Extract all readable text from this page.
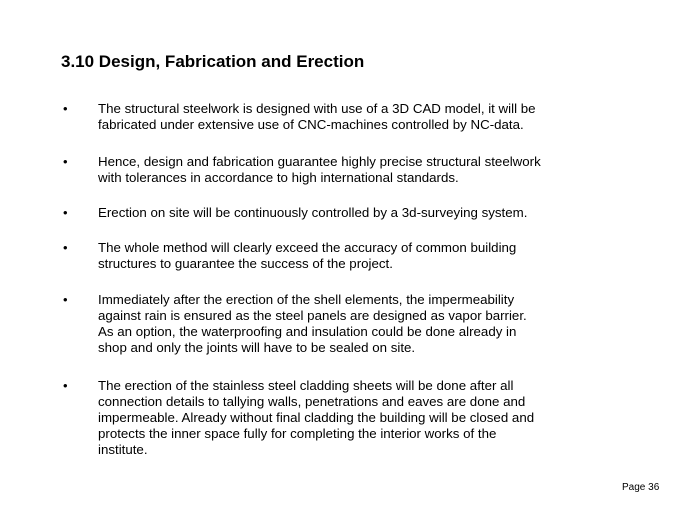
3.10 Design, Fabrication and Erection
• The structural steelwork is designed with use of a 3D CAD model, it will be
fabricated under extensive use of CNC-machines controlled by NC-data.
• Hence, design and fabrication guarantee highly precise structural steelwork
with tolerances in accordance to high international standards.
• Erection on site will be continuously controlled by a 3d-surveying system.
• The whole method will clearly exceed the accuracy of common building
structures to guarantee the success of the project.
• Immediately after the erection of the shell elements, the impermeability
against rain is ensured as the steel panels are designed as vapor barrier.
As an option, the waterproofing and insulation could be done already in
shop and only the joints will have to be sealed on site.
• The erection of the stainless steel cladding sheets will be done after all
connection details to tallying walls, penetrations and eaves are done and
impermeable. Already without final cladding the building will be closed and
protects the inner space fully for completing the interior works of the
institute.
Page 36
